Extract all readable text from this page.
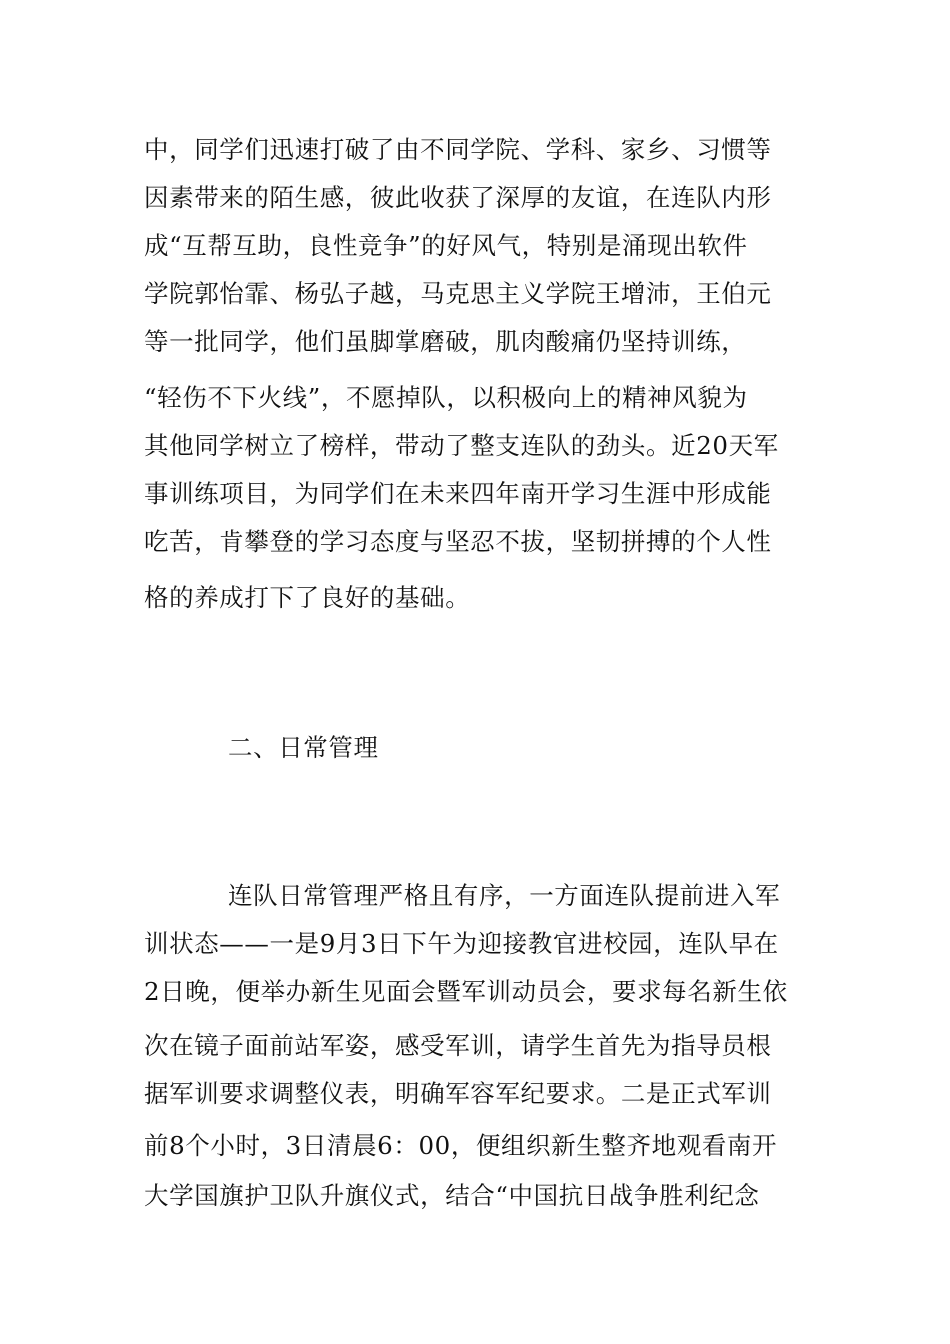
中，同学们迅速打破了由不同学院、学科、家乡、习惯等
因素带来的陌生感，彼此收获了深厚的友谊，在连队内形
成“互帮互助，良性竞争”的好风气，特别是涌现出软件
学院郭怡霏、杨弘子越，马克思主义学院王增沛，王伯元
等一批同学，他们虽脚掌磨破，肌肉酸痛仍坚持训练，
“轻伤不下火线”，不愿掉队，以积极向上的精神风貌为
其他同学树立了榜样，带动了整支连队的劲头。近20天军
事训练项目，为同学们在未来四年南开学习生涯中形成能
吃苦，肯攀登的学习态度与坚忍不拔，坚韧拼搏的个人性
格的养成打下了良好的基础。
二、日常管理
连队日常管理严格且有序，一方面连队提前进入军
训状态——一是9月3日下午为迎接教官进校园，连队早在
2日晚，便举办新生见面会暨军训动员会，要求每名新生依
次在镜子面前站军姿，感受军训，请学生首先为指导员根
据军训要求调整仪表，明确军容军纪要求。二是正式军训
前8个小时，3日清晨6：00，便组织新生整齐地观看南开
大学国旗护卫队升旗仪式，结合“中国抗日战争胜利纪念
